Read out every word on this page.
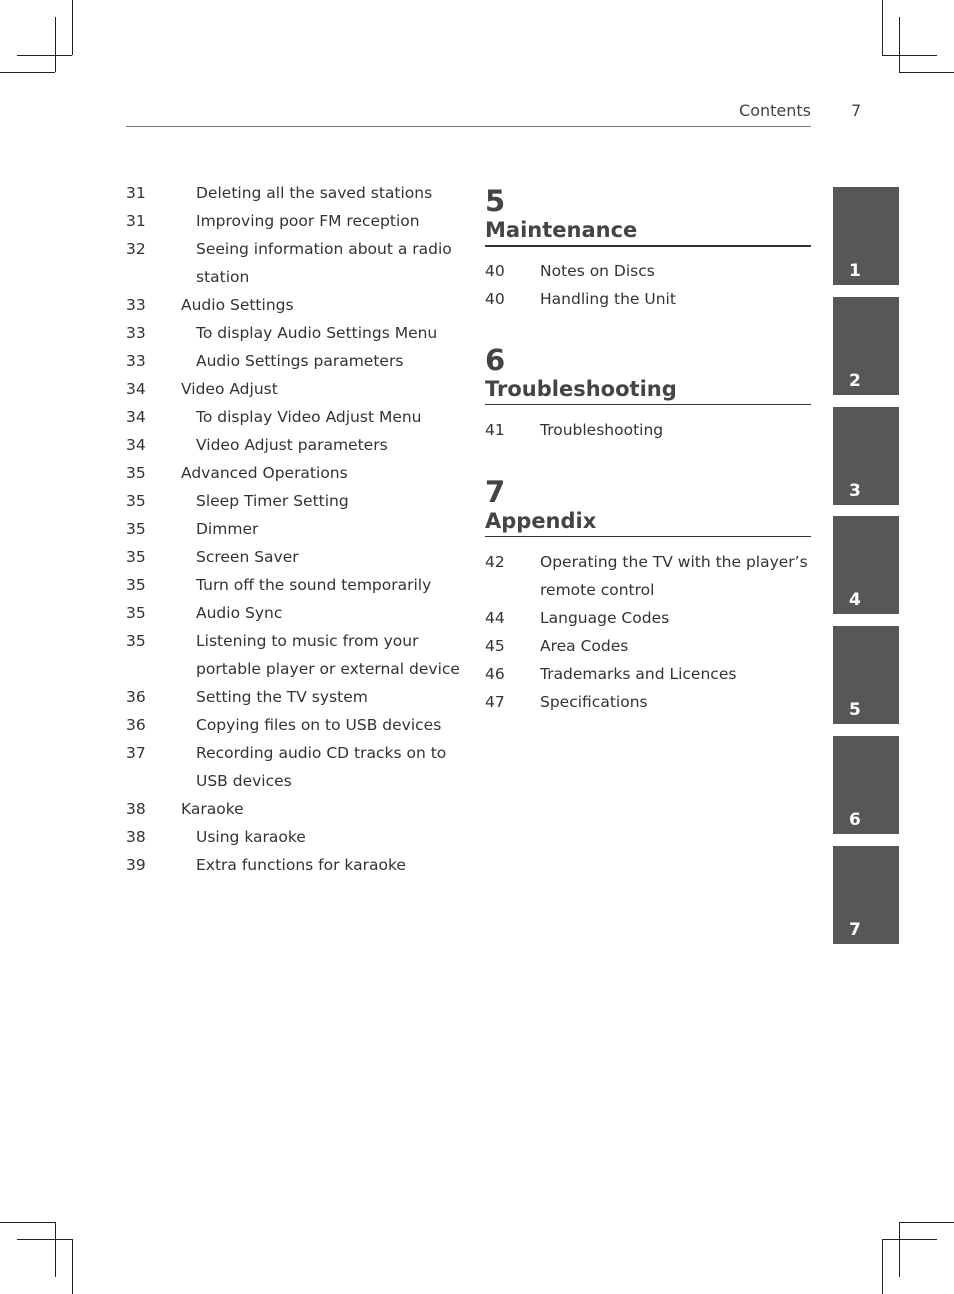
Contents	7
31	Deleting all the saved stations
31	Improving poor FM reception
32	Seeing information about a radio
station
33 Audio Settings
33	To display Audio Settings Menu
33	Audio Settings parameters
34 Video Adjust
34	To display Video Adjust Menu
34	Video Adjust parameters
35 Advanced Operations
35	Sleep Timer Setting
35	Dimmer
35	Screen Saver
35	Turn off the sound temporarily
35	Audio Sync
35	Listening to music from your
portable player or external device
36	Setting the TV system
36	Copying files on to USB devices
37	Recording audio CD tracks on to
USB devices
38 Karaoke
38	Using karaoke
39	Extra functions for karaoke
5
Maintenance
40 Notes on Discs
40 Handling the Unit
6
Troubleshooting
41 Troubleshooting
7
Appendix
42 Operating the TV with the player’s
remote control
44 Language Codes
45 Area Codes
46 Trademarks and Licences
47 Specifications
1
2
3
4
5
6
7
